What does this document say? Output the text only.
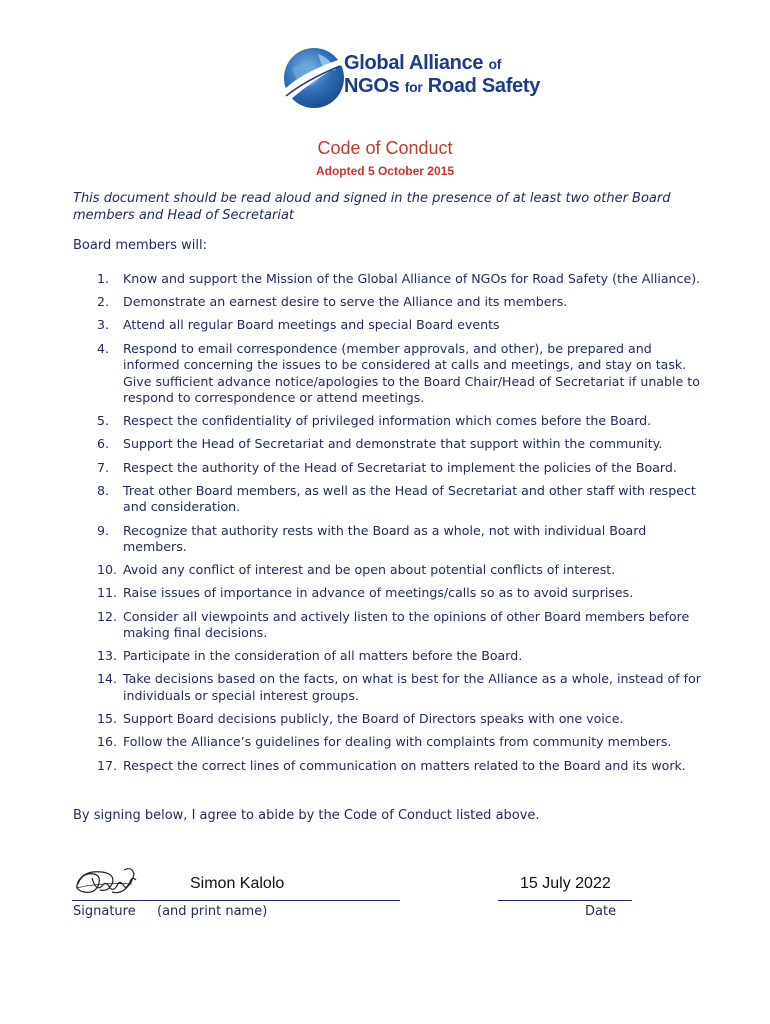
Global Alliance of
NGOs for Road Safety
Code of Conduct
Adopted 5 October 2015
This document should be read aloud and signed in the presence of at least two other Board members and Head of Secretariat
Board members will:
1. Know and support the Mission of the Global Alliance of NGOs for Road Safety (the Alliance).
2. Demonstrate an earnest desire to serve the Alliance and its members.
3. Attend all regular Board meetings and special Board events
4. Respond to email correspondence (member approvals, and other), be prepared and informed concerning the issues to be considered at calls and meetings, and stay on task. Give sufficient advance notice/apologies to the Board Chair/Head of Secretariat if unable to respond to correspondence or attend meetings.
5. Respect the confidentiality of privileged information which comes before the Board.
6. Support the Head of Secretariat and demonstrate that support within the community.
7. Respect the authority of the Head of Secretariat to implement the policies of the Board.
8. Treat other Board members, as well as the Head of Secretariat and other staff with respect and consideration.
9. Recognize that authority rests with the Board as a whole, not with individual Board members.
10. Avoid any conflict of interest and be open about potential conflicts of interest.
11. Raise issues of importance in advance of meetings/calls so as to avoid surprises.
12. Consider all viewpoints and actively listen to the opinions of other Board members before making final decisions.
13. Participate in the consideration of all matters before the Board.
14. Take decisions based on the facts, on what is best for the Alliance as a whole, instead of for individuals or special interest groups.
15. Support Board decisions publicly, the Board of Directors speaks with one voice.
16. Follow the Alliance’s guidelines for dealing with complaints from community members.
17. Respect the correct lines of communication on matters related to the Board and its work.
By signing below, I agree to abide by the Code of Conduct listed above.
Simon Kalolo	15 July 2022
Signature (and print name)	Date
